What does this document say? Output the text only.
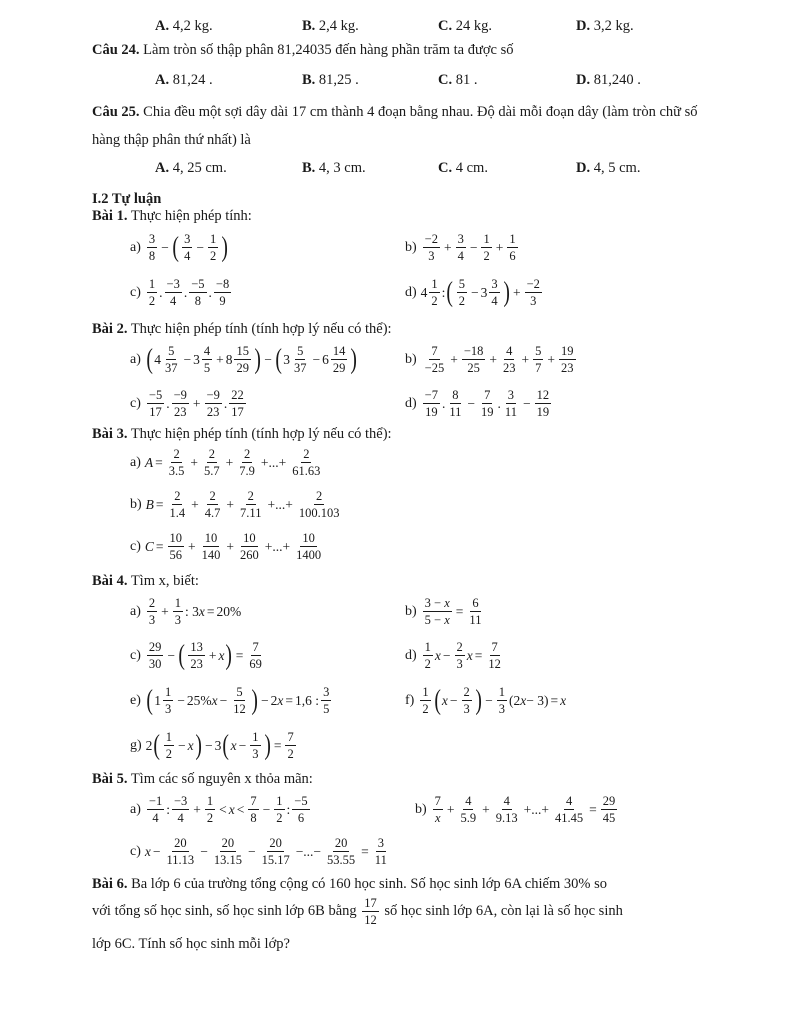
A. 4,2 kg.	B. 2,4 kg.	C. 24 kg.	D. 3,2 kg.
Câu 24. Làm tròn số thập phân 81,24035 đến hàng phần trăm ta được số
A. 81,24 .	B. 81,25 .	C. 81 .	D. 81,240 .
Câu 25. Chia đều một sợi dây dài 17 cm thành 4 đoạn bằng nhau. Độ dài mỗi đoạn dây (làm tròn chữ số hàng thập phân thứ nhất) là
A. 4, 25 cm.	B. 4, 3 cm.	C. 4 cm.	D. 4, 5 cm.
I.2 Tự luận
Bài 1. Thực hiện phép tính:
a)
3
8
− ( 3
4
− $\frac{1}{2}$ )	b)
−2
3
+ $\frac{3}{4} - \frac{1}{2} + \frac{1}{6}$
c)
1
2
.
−3
4
.
−5
8
.
−8
9
d) 4
1
2
: ( 5
2
− $3 \frac{3}{4}$ ) + $\frac{-2}{3}$
Bài 2. Thực hiện phép tính (tính hợp lý nếu có thể):
a) ( 4
5
37
− $3 \frac{4}{5} + 8 \frac{15}{29}$ ) − ( 3
5
37
− $6 \frac{14}{29}$ )	b)
7
−25
+ $\frac{-18}{25} + \frac{4}{23} + \frac{5}{7} + \frac{19}{23}$
c)
−5
17
.
−9
23
+ $\frac{-9}{23}$ .
22
17
d)
−7
19
.
8
11
− $\frac{7}{19}$ .
3
11
− $\frac{12}{19}$
Bài 3. Thực hiện phép tính (tính hợp lý nếu có thể):
a) $A = \frac{2}{3.5} + \frac{2}{5.7} + \frac{2}{7.9}$ +...+ $\frac{2}{61.63}$
b) $B = \frac{2}{1.4} + \frac{2}{4.7} + \frac{2}{7.11}$ +...+ $\frac{2}{100.103}$
c) $C = \frac{10}{56} + \frac{10}{140} + \frac{10}{260}$ +...+ $\frac{10}{1400}$
Bài 4. Tìm x, biết:
a)
2
3
+ $\frac{1}{3}$ : 3 x = 20%	$b) \frac{3 - x}{5 - x} = \frac{6}{11}$
c)
29
30
− ( 13
23
+ x ) = $\frac{7}{69}$	d)
1
2
$x - \frac{2}{3}$ $x = \frac{7}{12}$
e) ( 1
1
3
− 25% $x - \frac{5}{12}$ ) − 2 x = 1,6 : $\frac{3}{5}$	f)
1
2 ( $x - \frac{2}{3}$ ) − $\frac{1}{3} (2$ x − 3) = x
g) 2 ( 1
2
− x ) − 3 ( $x - \frac{1}{3}$ ) = $\frac{7}{2}$
Bài 5. Tìm các số nguyên x thỏa mãn:
a)
−1
4
:
−3
4
+ $\frac{1}{2} < x$ <
7
8
− $\frac{1}{2}$ :
−5
6
b)
7
x
+ $\frac{4}{5.9} + \frac{4}{9.13}$ +...+ $\frac{4}{41.45} = \frac{29}{45}$
c) $x - \frac{20}{11.13} - \frac{20}{13.15} - \frac{20}{15.17}$ −...− $\frac{20}{53.55} = \frac{3}{11}$
Bài 6. Ba lớp 6 của trường tổng cộng có 160 học sinh. Số học sinh lớp 6A chiếm 30% so
với tổng số học sinh, số học sinh lớp 6B bằng
17
12

số học sinh lớp 6A, còn lại là số học sinh
lớp 6C. Tính số học sinh mỗi lớp?
